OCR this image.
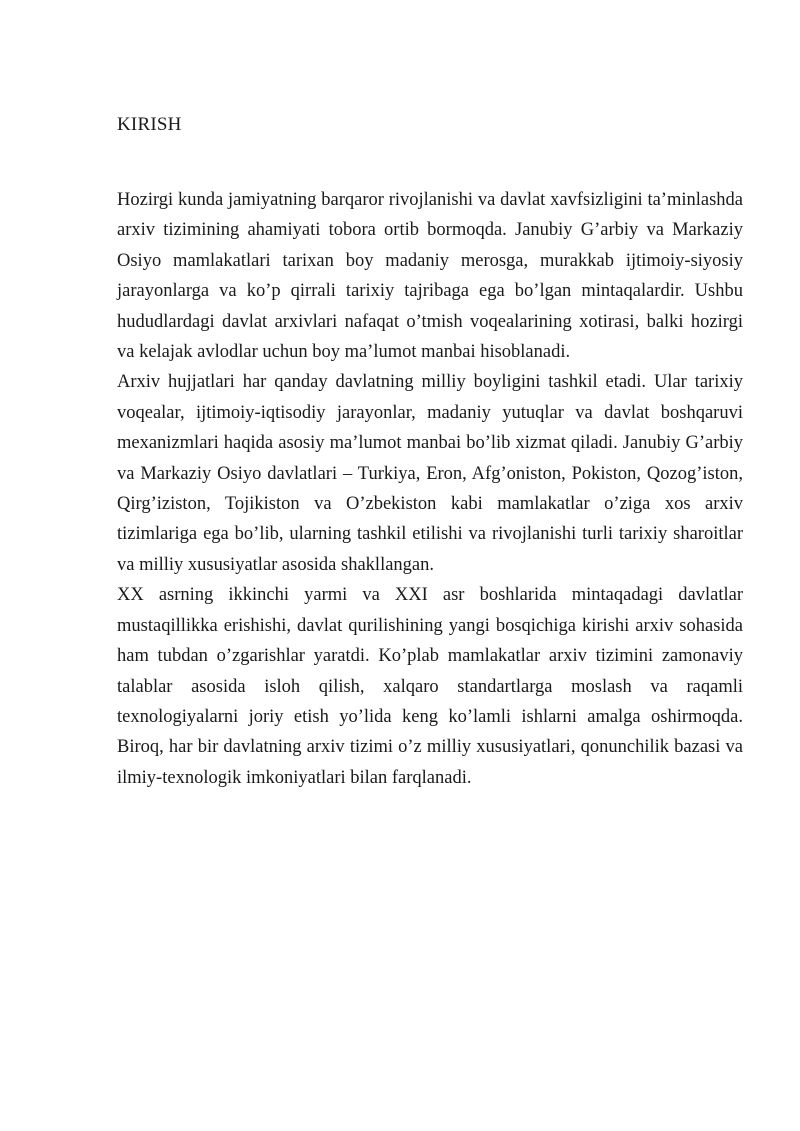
KIRISH

Hozirgi kunda jamiyatning barqaror rivojlanishi va davlat xavfsizligini ta’minlashda arxiv tizimining ahamiyati tobora ortib bormoqda. Janubiy G’arbiy va Markaziy Osiyo mamlakatlari tarixan boy madaniy merosga, murakkab ijtimoiy-siyosiy jarayonlarga va ko’p qirrali tarixiy tajribaga ega bo’lgan mintaqalardir. Ushbu hududlardagi davlat arxivlari nafaqat o’tmish voqealarining xotirasi, balki hozirgi va kelajak avlodlar uchun boy ma’lumot manbai hisoblanadi.

Arxiv hujjatlari har qanday davlatning milliy boyligini tashkil etadi. Ular tarixiy voqealar, ijtimoiy-iqtisodiy jarayonlar, madaniy yutuqlar va davlat boshqaruvi mexanizmlari haqida asosiy ma’lumot manbai bo’lib xizmat qiladi. Janubiy G’arbiy va Markaziy Osiyo davlatlari – Turkiya, Eron, Afg’oniston, Pokiston, Qozog’iston, Qirg’iziston, Tojikiston va O’zbekiston kabi mamlakatlar o’ziga xos arxiv tizimlariga ega bo’lib, ularning tashkil etilishi va rivojlanishi turli tarixiy sharoitlar va milliy xususiyatlar asosida shakllangan.

XX asrning ikkinchi yarmi va XXI asr boshlarida mintaqadagi davlatlar mustaqillikka erishishi, davlat qurilishining yangi bosqichiga kirishi arxiv sohasida ham tubdan o’zgarishlar yaratdi. Ko’plab mamlakatlar arxiv tizimini zamonaviy talablar asosida isloh qilish, xalqaro standartlarga moslash va raqamli texnologiyalarni joriy etish yo’lida keng ko’lamli ishlarni amalga oshirmoqda. Biroq, har bir davlatning arxiv tizimi o’z milliy xususiyatlari, qonunchilik bazasi va ilmiy-texnologik imkoniyatlari bilan farqlanadi.
